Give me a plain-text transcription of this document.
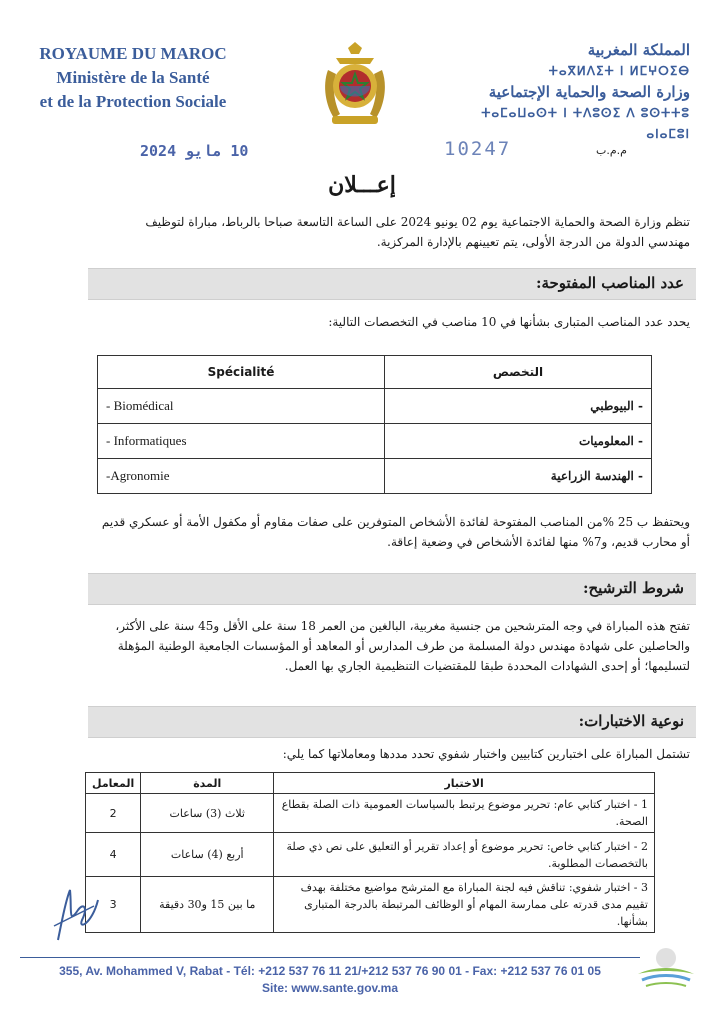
ROYAUME DU MAROC
Ministère de la Santé
et de la Protection Sociale
المملكة المغربية
ⵜⴰⴳⵍⴷⵉⵜ ⵏ ⵍⵎⵖⵔⵉⴱ
وزارة الصحة والحماية الإجتماعية
ⵜⴰⵎⴰⵡⴰⵙⵜ ⵏ ⵜⴷⵓⵙⵉ ⴷ ⵓⵙⵜⵜⵓ ⴰⵏⴰⵎⵓⵏ
10 مايو 2024	10247	م.م.ب
إعـــلان
تنظم وزارة الصحة والحماية الاجتماعية يوم 02 يونيو 2024 على الساعة التاسعة صباحا بالرباط، مباراة لتوظيف مهندسي الدولة من الدرجة الأولى، يتم تعيينهم بالإدارة المركزية.
عدد المناصب المفتوحة:
يحدد عدد المناصب المتبارى بشأنها في 10 مناصب في التخصصات التالية:
Spécialité	التخصص
- Biomédical	- البيوطبي
- Informatiques	- المعلوميات
-Agronomie	- الهندسة الزراعية
ويحتفظ ب 25 %من المناصب المفتوحة لفائدة الأشخاص المتوفرين على صفات مقاوم أو مكفول الأمة أو عسكري قديم أو محارب قديم، و7% منها لفائدة الأشخاص في وضعية إعاقة.
شروط الترشيح:
تفتح هذه المباراة في وجه المترشحين من جنسية مغربية، البالغين من العمر 18 سنة على الأقل و45 سنة على الأكثر، والحاصلين على شهادة مهندس دولة المسلمة من طرف المدارس أو المعاهد أو المؤسسات الجامعية الوطنية المؤهلة لتسليمها؛ أو إحدى الشهادات المحددة طبقا للمقتضيات التنظيمية الجاري بها العمل.
نوعية الاختبارات:
تشتمل المباراة على اختبارين كتابيين واختبار شفوي تحدد مددها ومعاملاتها كما يلي:
المعامل	المدة	الاختبار
2	ثلاث (3) ساعات	1 - اختبار كتابي عام: تحرير موضوع يرتبط بالسياسات العمومية ذات الصلة بقطاع الصحة.
4	أربع (4) ساعات	2 - اختبار كتابي خاص: تحرير موضوع أو إعداد تقرير أو التعليق على نص ذي صلة بالتخصصات المطلوبة.
3	ما بين 15 و30 دقيقة	3 - اختبار شفوي: تناقش فيه لجنة المباراة مع المترشح مواضيع مختلفة بهدف تقييم مدى قدرته على ممارسة المهام أو الوظائف المرتبطة بالدرجة المتبارى بشأنها.
355, Av. Mohammed V, Rabat - Tél: +212 537 76 11 21/+212 537 76 90 01 - Fax: +212 537 76 01 05
Site: www.sante.gov.ma
